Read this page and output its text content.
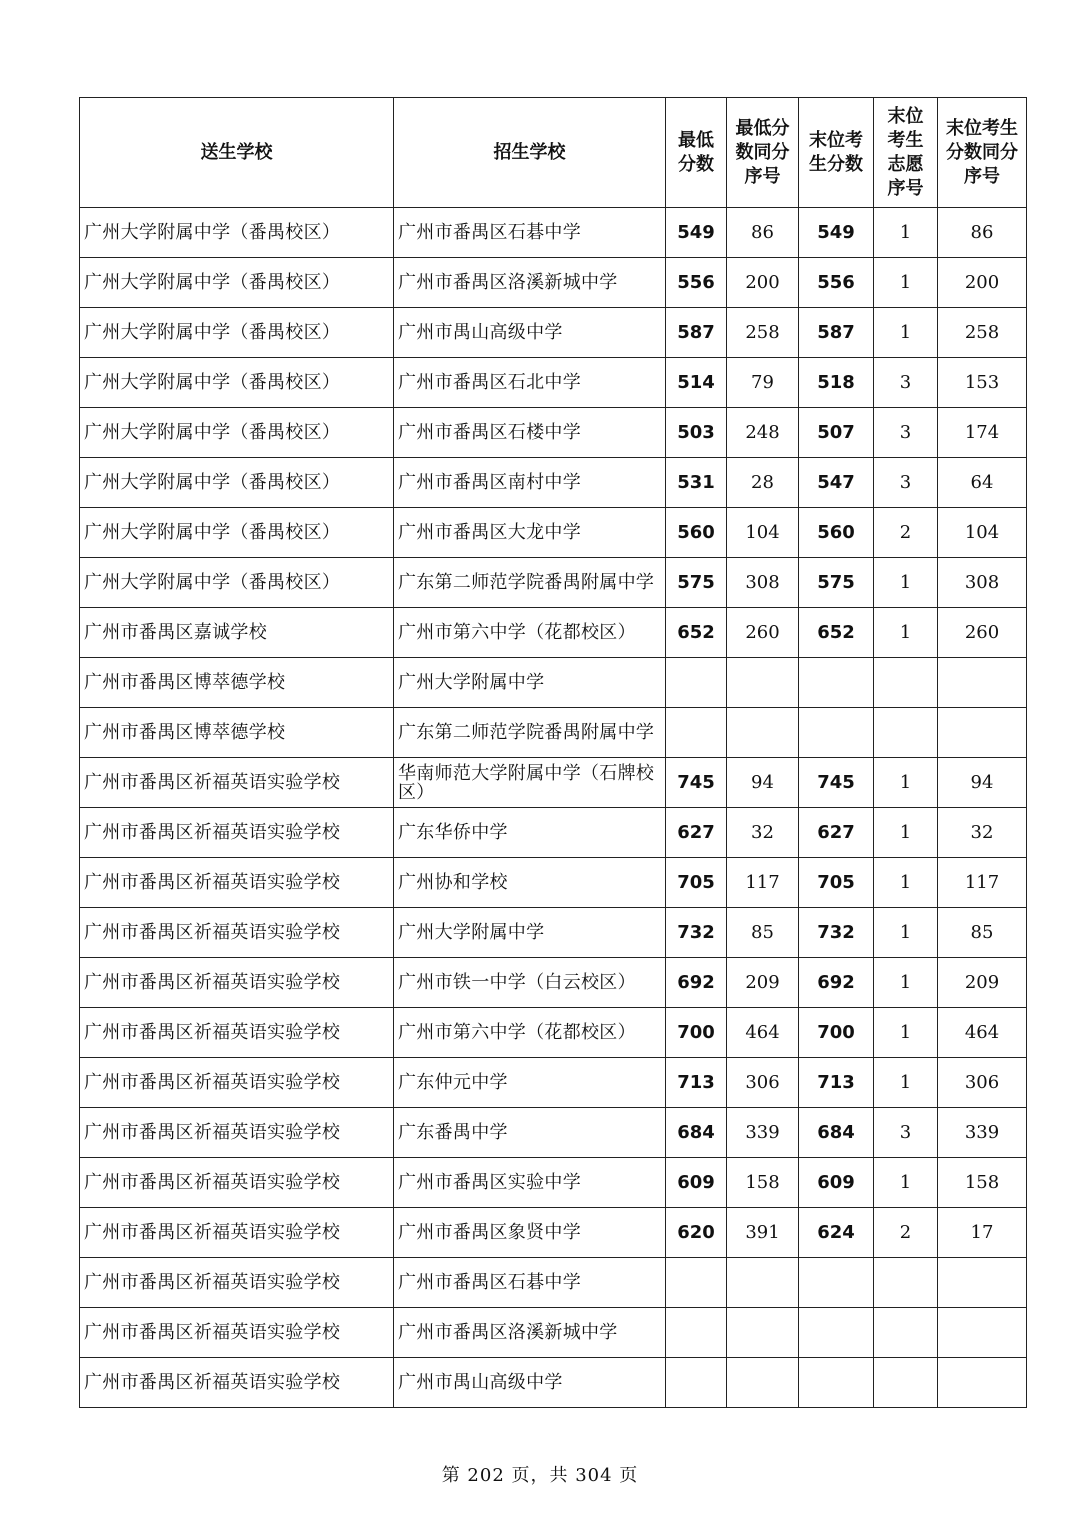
送生学校	招生学校	最低分数	最低分数同分序号	末位考生分数	末位考生志愿序号	末位考生分数同分序号

广州大学附属中学（番禺校区）	广州市番禺区石碁中学	549	86	549	1	86
广州大学附属中学（番禺校区）	广州市番禺区洛溪新城中学	556	200	556	1	200
广州大学附属中学（番禺校区）	广州市禺山高级中学	587	258	587	1	258
广州大学附属中学（番禺校区）	广州市番禺区石北中学	514	79	518	3	153
广州大学附属中学（番禺校区）	广州市番禺区石楼中学	503	248	507	3	174
广州大学附属中学（番禺校区）	广州市番禺区南村中学	531	28	547	3	64
广州大学附属中学（番禺校区）	广州市番禺区大龙中学	560	104	560	2	104
广州大学附属中学（番禺校区）	广东第二师范学院番禺附属中学	575	308	575	1	308
广州市番禺区嘉诚学校	广州市第六中学（花都校区）	652	260	652	1	260
广州市番禺区博萃德学校	广州大学附属中学					
广州市番禺区博萃德学校	广东第二师范学院番禺附属中学					
广州市番禺区祈福英语实验学校	华南师范大学附属中学（石牌校区）	745	94	745	1	94
广州市番禺区祈福英语实验学校	广东华侨中学	627	32	627	1	32
广州市番禺区祈福英语实验学校	广州协和学校	705	117	705	1	117
广州市番禺区祈福英语实验学校	广州大学附属中学	732	85	732	1	85
广州市番禺区祈福英语实验学校	广州市铁一中学（白云校区）	692	209	692	1	209
广州市番禺区祈福英语实验学校	广州市第六中学（花都校区）	700	464	700	1	464
广州市番禺区祈福英语实验学校	广东仲元中学	713	306	713	1	306
广州市番禺区祈福英语实验学校	广东番禺中学	684	339	684	3	339
广州市番禺区祈福英语实验学校	广州市番禺区实验中学	609	158	609	1	158
广州市番禺区祈福英语实验学校	广州市番禺区象贤中学	620	391	624	2	17
广州市番禺区祈福英语实验学校	广州市番禺区石碁中学					
广州市番禺区祈福英语实验学校	广州市番禺区洛溪新城中学					
广州市番禺区祈福英语实验学校	广州市禺山高级中学					
第 202 页，共 304 页
